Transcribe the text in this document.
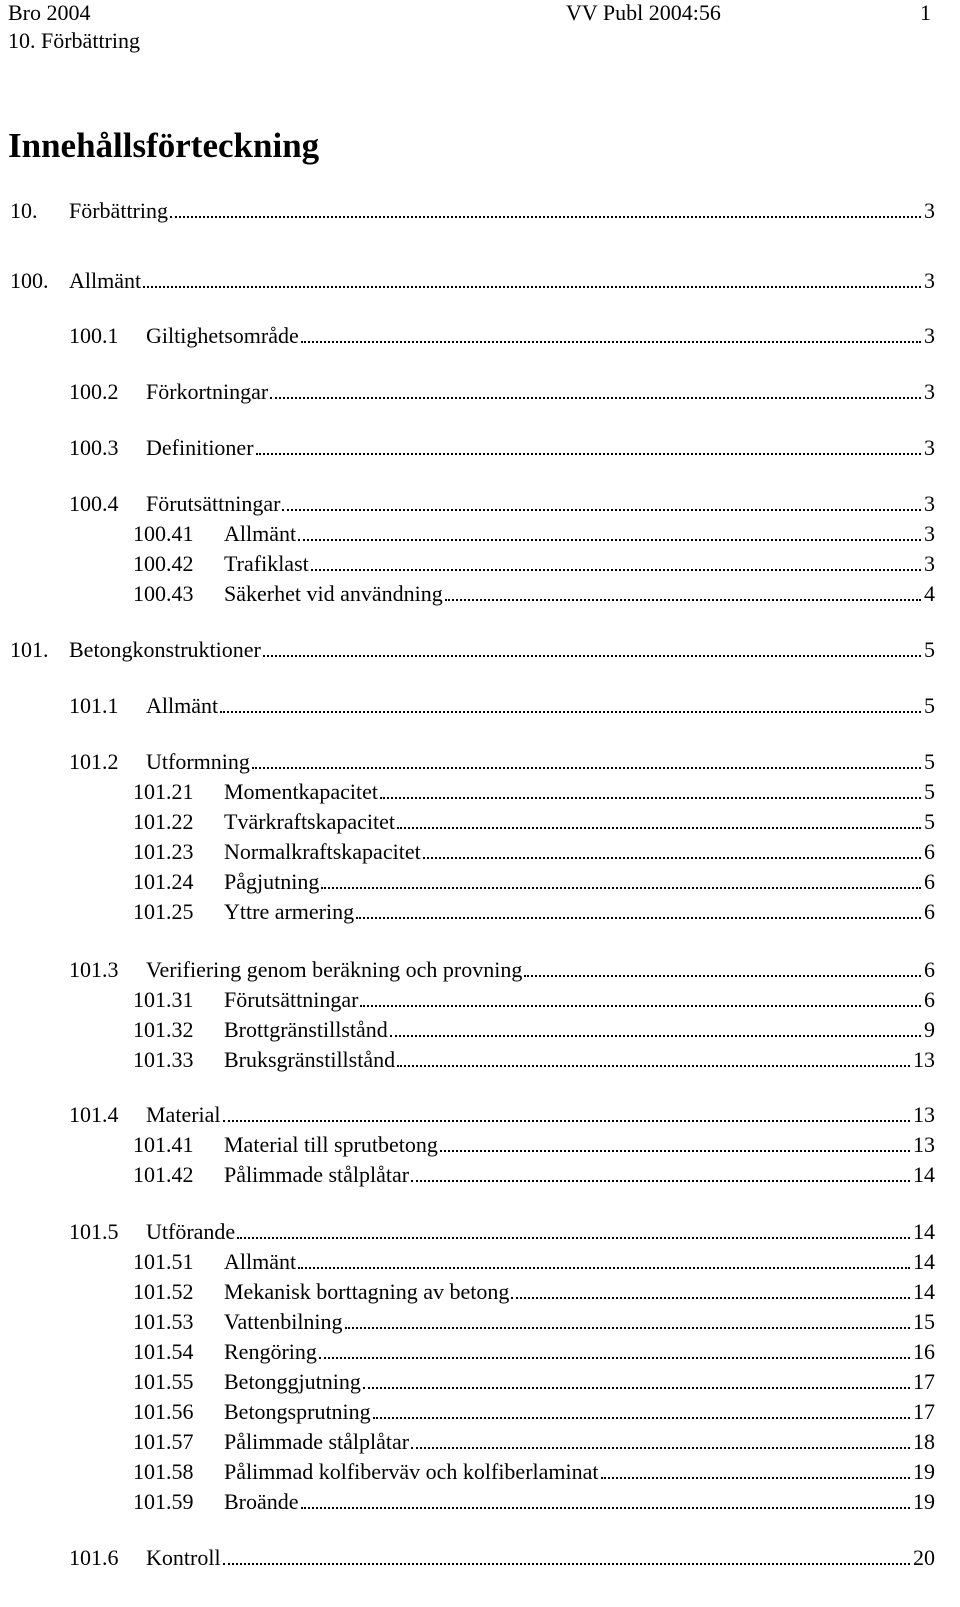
Bro 2004	VV Publ 2004:56	1
10. Förbättring
Innehållsförteckning
10. Förbättring	3
100. Allmänt	3
100.1 Giltighetsområde	3
100.2 Förkortningar	3
100.3 Definitioner	3
100.4 Förutsättningar	3
100.41 Allmänt	3
100.42 Trafiklast	3
100.43 Säkerhet vid användning	4
101. Betongkonstruktioner	5
101.1 Allmänt	5
101.2 Utformning	5
101.21 Momentkapacitet	5
101.22 Tvärkraftskapacitet	5
101.23 Normalkraftskapacitet	6
101.24 Pågjutning	6
101.25 Yttre armering	6
101.3 Verifiering genom beräkning och provning	6
101.31 Förutsättningar	6
101.32 Brottgränstillstånd	9
101.33 Bruksgränstillstånd	13
101.4 Material	13
101.41 Material till sprutbetong	13
101.42 Pålimmade stålplåtar	14
101.5 Utförande	14
101.51 Allmänt	14
101.52 Mekanisk borttagning av betong	14
101.53 Vattenbilning	15
101.54 Rengöring	16
101.55 Betonggjutning	17
101.56 Betongsprutning	17
101.57 Pålimmade stålplåtar	18
101.58 Pålimmad kolfiberväv och kolfiberlaminat	19
101.59 Broände	19
101.6 Kontroll	20
